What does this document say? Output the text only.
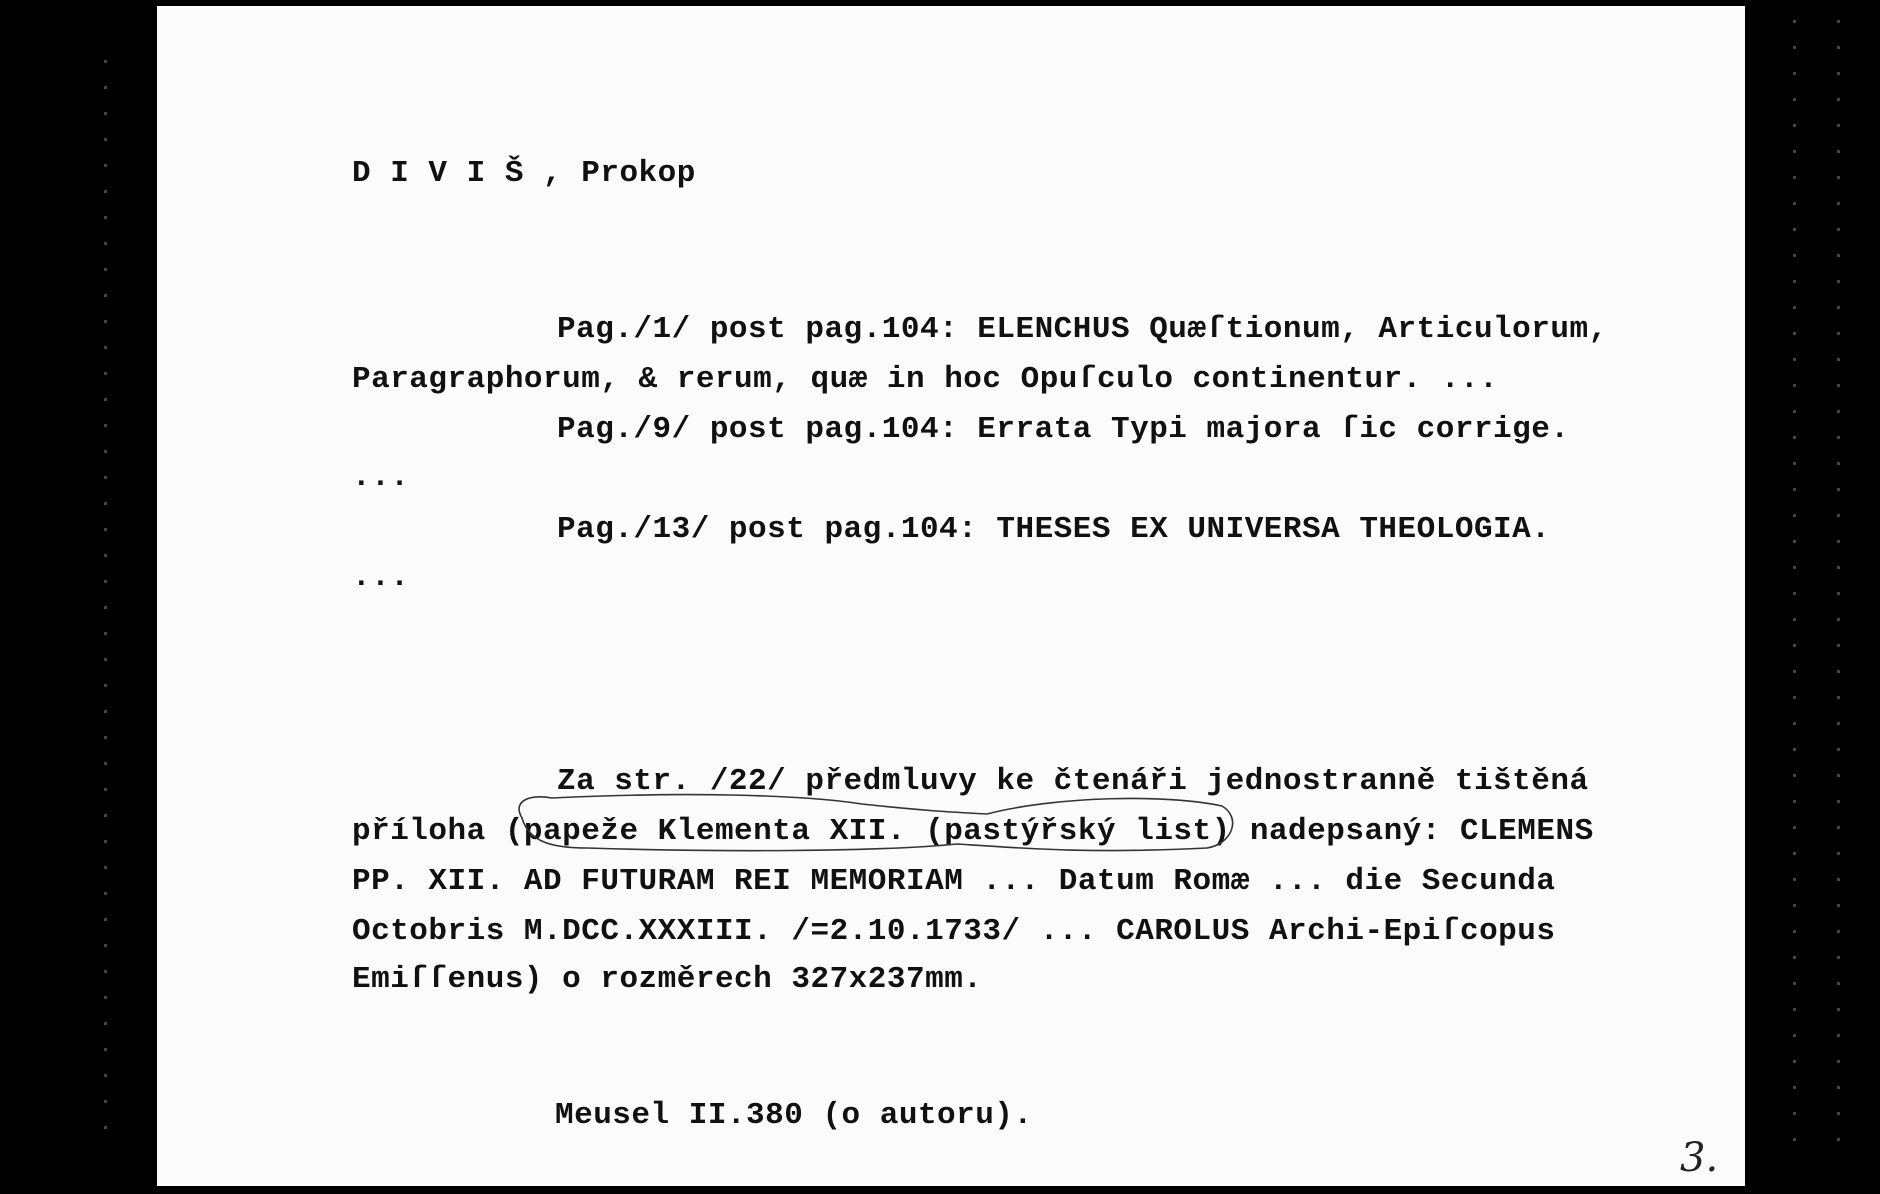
D I V I Š , Prokop
Pag./1/ post pag.104: ELENCHUS Quæſtionum, Articulorum,
Paragraphorum, & rerum, quæ in hoc Opuſculo continentur. ...
Pag./9/ post pag.104: Errata Typi majora ſic corrige.
...
Pag./13/ post pag.104: THESES EX UNIVERSA THEOLOGIA.
...
Za str. /22/ předmluvy ke čtenáři jednostranně tištěná
příloha (papeže Klementa XII. (pastýřský list) nadepsaný: CLEMENS
PP. XII. AD FUTURAM REI MEMORIAM ... Datum Romæ ... die Secunda
Octobris M.DCC.XXXIII. /=2.10.1733/ ... CAROLUS Archi-Epiſcopus
Emiſſenus) o rozměrech 327x237mm.
Meusel II.380 (o autoru).
3.
